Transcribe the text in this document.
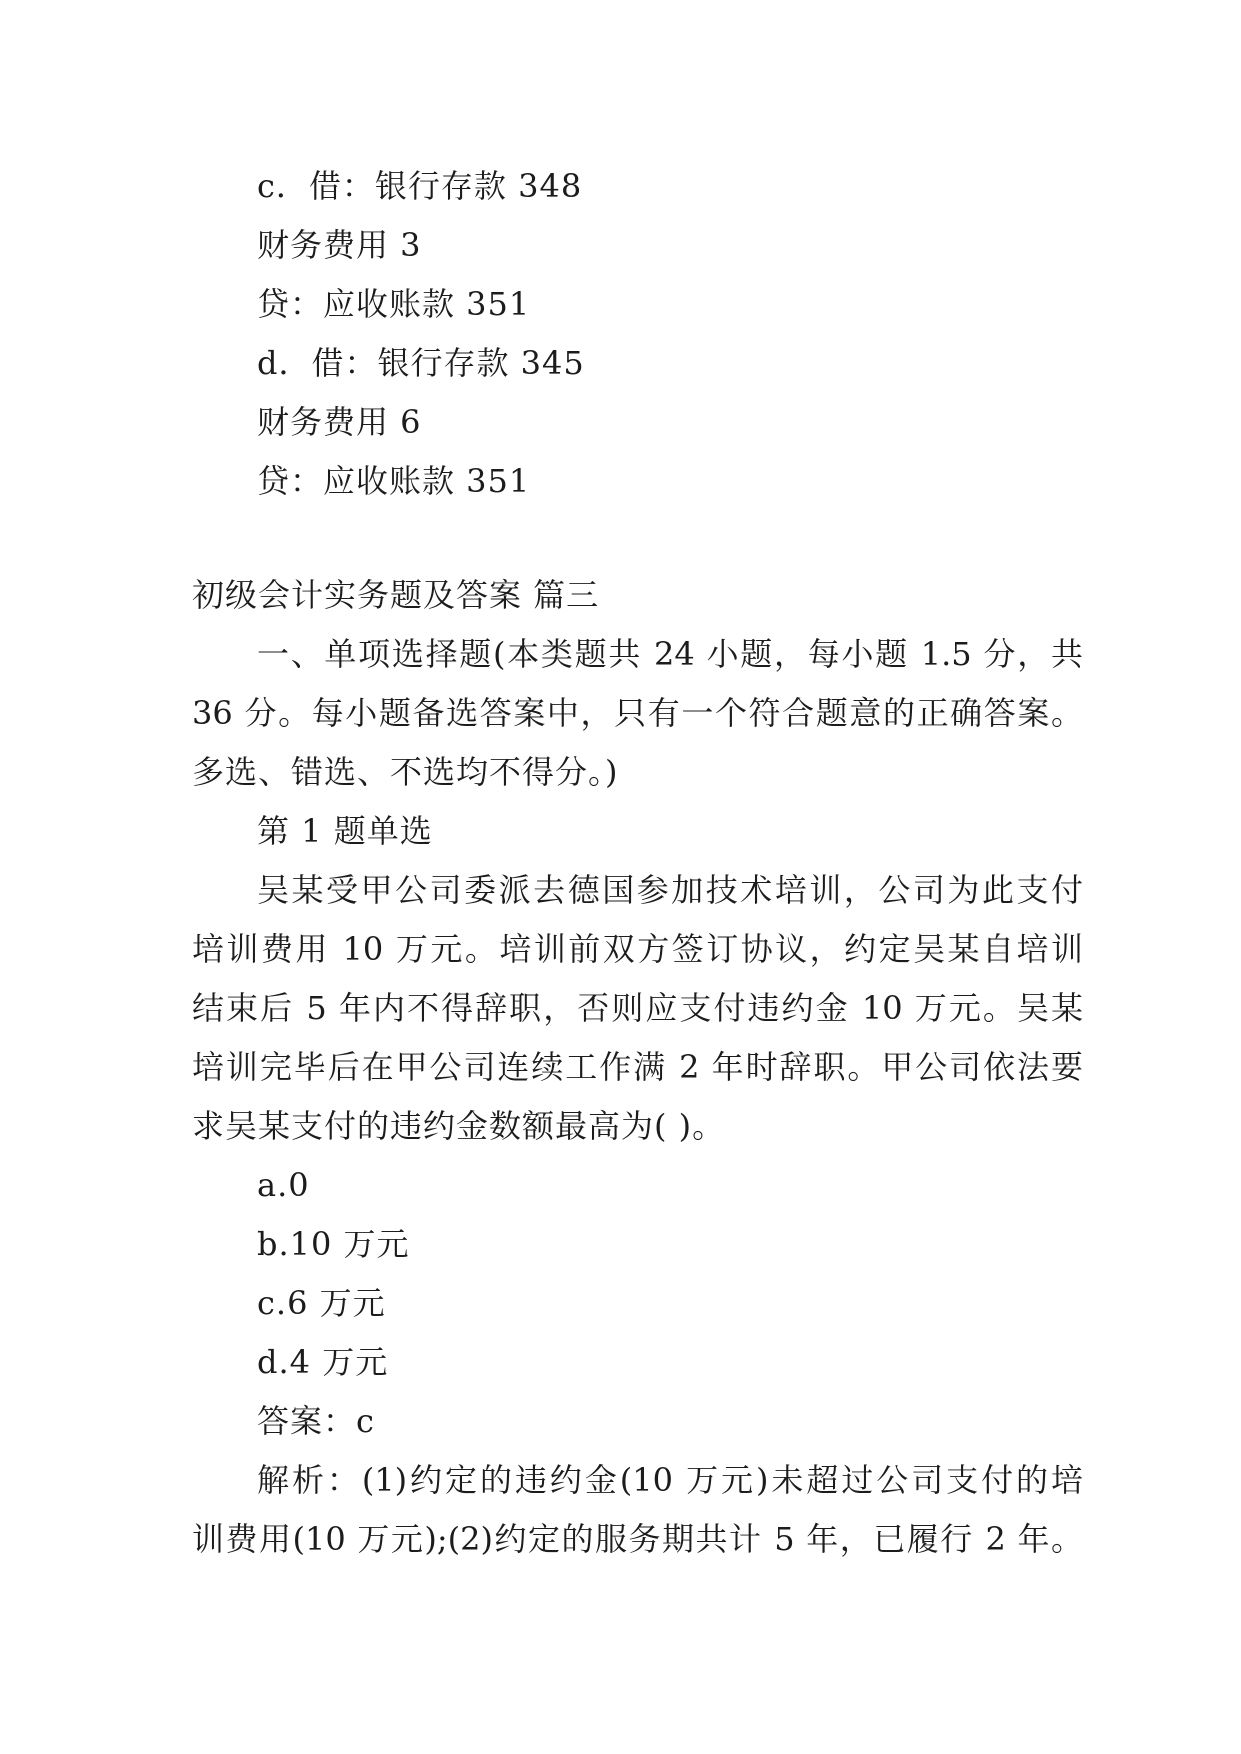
c．借：银行存款 348
财务费用 3
贷：应收账款 351
d．借：银行存款 345
财务费用 6
贷：应收账款 351
初级会计实务题及答案 篇三
一、单项选择题(本类题共 24 小题，每小题 1.5 分，共
36 分。每小题备选答案中，只有一个符合题意的正确答案。
多选、错选、不选均不得分。)
第 1 题单选
吴某受甲公司委派去德国参加技术培训，公司为此支付
培训费用 10 万元。培训前双方签订协议，约定吴某自培训
结束后 5 年内不得辞职，否则应支付违约金 10 万元。吴某
培训完毕后在甲公司连续工作满 2 年时辞职。甲公司依法要
求吴某支付的违约金数额最高为( )。
a.0
b.10 万元
c.6 万元
d.4 万元
答案：c
解析：(1)约定的违约金(10 万元)未超过公司支付的培
训费用(10 万元);(2)约定的服务期共计 5 年，已履行 2 年。
